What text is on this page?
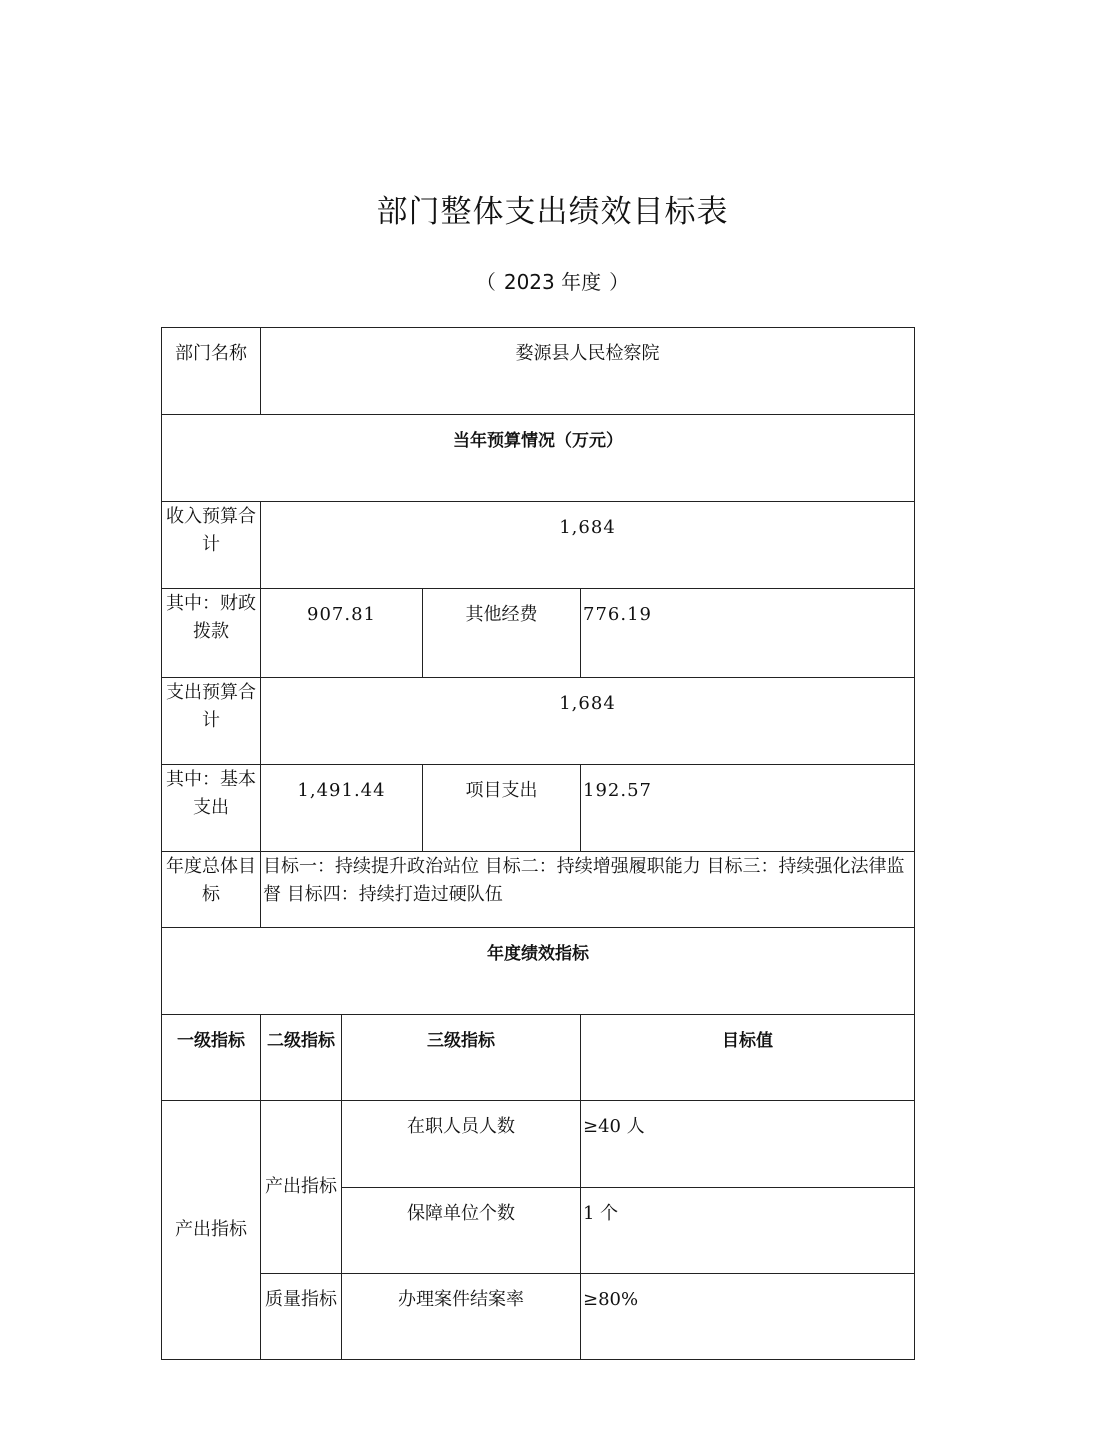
部门整体支出绩效目标表
（ 2023 年度 ）
部门名称	婺源县人民检察院			
当年预算情况（万元）				
收入预算合计	1,684			
其中：财政拨款	907.81		其他经费	776.19
支出预算合计	1,684			
其中：基本支出	1,491.44		项目支出	192.57
年度总体目标	目标一：持续提升政治站位 目标二：持续增强履职能力 目标三：持续强化法律监督 目标四：持续打造过硬队伍			
年度绩效指标				
一级指标	二级指标	三级指标		目标值
产出指标	产出指标	在职人员人数		≥40 人
		保障单位个数		1 个
	质量指标	办理案件结案率		≥80%
